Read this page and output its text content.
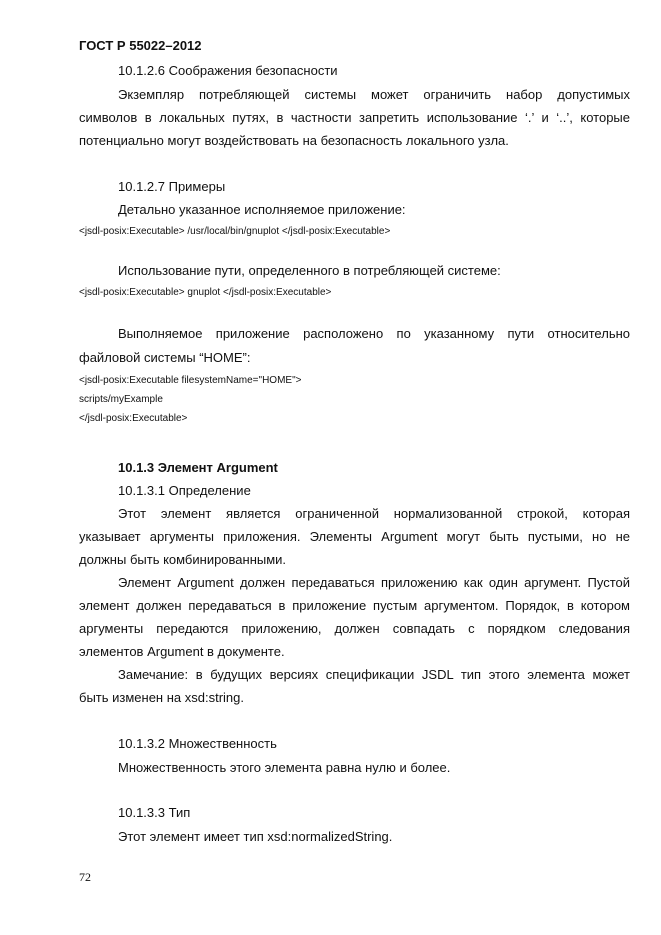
ГОСТ Р 55022–2012
10.1.2.6 Соображения безопасности
Экземпляр потребляющей системы может ограничить набор допустимых
символов в локальных путях, в частности запретить использование ‘.’ и ‘..’, которые
потенциально могут воздействовать на безопасность локального узла.
10.1.2.7 Примеры
Детально указанное исполняемое приложение:
<jsdl-posix:Executable> /usr/local/bin/gnuplot </jsdl-posix:Executable>
Использование пути, определенного в потребляющей системе:
<jsdl-posix:Executable> gnuplot </jsdl-posix:Executable>
Выполняемое приложение расположено по указанному пути относительно
файловой системы “HOME”:
<jsdl-posix:Executable filesystemName="HOME">
scripts/myExample
</jsdl-posix:Executable>
10.1.3 Элемент Argument
10.1.3.1 Определение
Этот элемент является ограниченной нормализованной строкой, которая
указывает аргументы приложения. Элементы Argument могут быть пустыми, но не
должны быть комбинированными.
Элемент Argument должен передаваться приложению как один аргумент. Пустой
элемент должен передаваться в приложение пустым аргументом. Порядок, в котором
аргументы передаются приложению, должен совпадать с порядком следования
элементов Argument в документе.
Замечание: в будущих версиях спецификации JSDL тип этого элемента может
быть изменен на xsd:string.
10.1.3.2 Множественность
Множественность этого элемента равна нулю и более.
10.1.3.3 Тип
Этот элемент имеет тип xsd:normalizedString.
72
